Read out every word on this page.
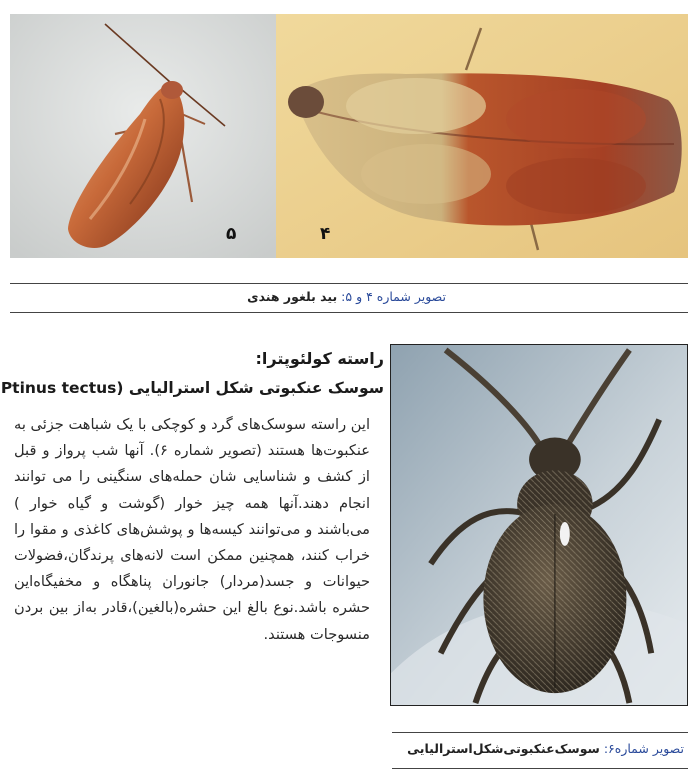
۵	۴
تصویر شماره ۴ و ۵: بید بلغور هندی
راسته کولئوپترا:
سوسک عنکبوتی شکل استرالیایی (Ptinus tectus

این راسته سوسک‌های گرد و کوچکی با یک شباهت جزئی به عنکبوت‌ها هستند (تصویر شماره ۶). آنها شب پرواز و قبل از کشف و شناسایی شان حمله‌های سنگینی را می توانند انجام دهند.آنها همه چیز خوار (گوشت و گیاه خوار ) می‌باشند و می‌توانند کیسه‌ها و پوشش‌های کاغذی و مقوا را خراب کنند، همچنین ممکن است لانه‌های پرندگان،فضولات حیوانات و جسد(مردار) جانوران پناهگاه و مخفیگاه‌این حشره باشد.نوع بالغ این حشره(بالغین)،قادر به‌از بین بردن منسوجات هستند.

تصویر شماره۶: سوسک‌عنکبوتی‌شکل‌استرالیایی
